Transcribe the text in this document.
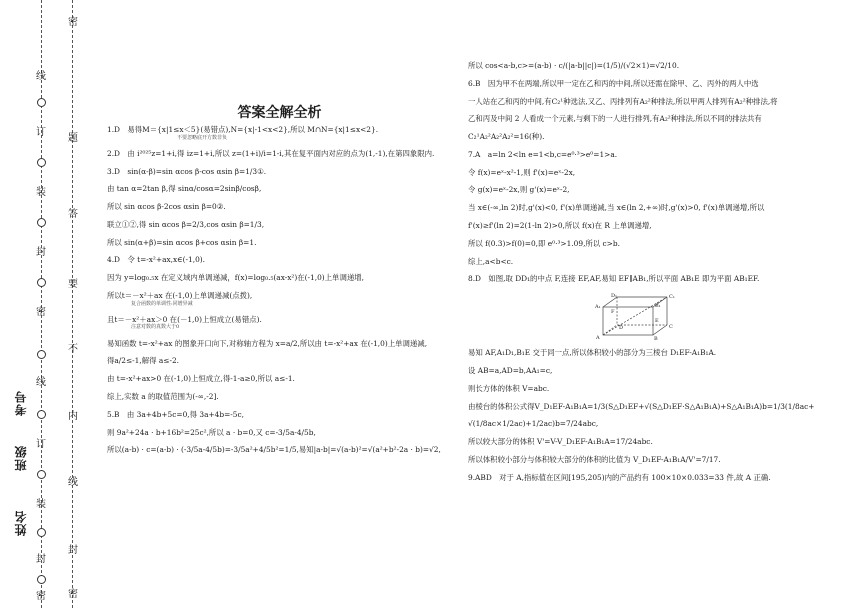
线
订
装
封
密
线
订
装
封
密
密
题
答
要
不
内
线
封
密
考号
班级
姓名
答案全解全析
1.D　易得M＝{x|1≤x＜5}(易错点),N={x|-1<x<2},所以 M∩N={x|1≤x<2}.
不要忽略底开方数非负
2.D　由 i²⁰²⁵z=1+i,得 iz=1+i,所以 z=(1+i)/i=1-i,其在复平面内对应的点为(1,-1),在第四象限内.
3.D　sin(α-β)=sin αcos β-cos αsin β=1/3①.
由 tan α=2tan β,得 sinα/cosα=2sinβ/cosβ,
所以 sin αcos β-2cos αsin β=0②.
联立①②,得 sin αcos β=2/3,cos αsin β=1/3,
所以 sin(α+β)=sin αcos β+cos αsin β=1.
4.D　令 t=-x²+ax,x∈(-1,0).
因为 y=log₀.₅x 在定义域内单调递减，f(x)=log₀.₅(ax-x²)在(-1,0)上单调递增,
所以t＝－x²＋ax 在(-1,0)上单调递减(点拨),
复合函数的单调性:同增异减
且t＝－x²＋ax＞0 在(－1,0)上恒成立(易错点).
注意对数的真数大于0
易知函数 t=-x²+ax 的图象开口向下,对称轴方程为 x=a/2,所以由 t=-x²+ax 在(-1,0)上单调递减,
得a/2≤-1,解得 a≤-2.
由 t=-x²+ax>0 在(-1,0)上恒成立,得-1-a≥0,所以 a≤-1.
综上,实数 a 的取值范围为(-∞,-2].
5.B　由 3a+4b+5c=0,得 3a+4b=-5c,
则 9a²+24a · b+16b²=25c²,所以 a · b=0,又 c=-3/5a-4/5b,
所以(a-b) · c=(a-b) · (-3/5a-4/5b)=-3/5a²+4/5b²=1/5,易知|a-b|=√(a-b)²=√(a²+b²-2a · b)=√2,
所以 cos<a-b,c>=(a-b) · c/(|a-b||c|)=(1/5)/(√2×1)=√2/10.
6.B　因为甲不在两端,所以甲一定在乙和丙的中间,所以还需在除甲、乙、丙外的两人中选
一人站在乙和丙的中间,有C₂¹种选法,又乙、丙排列有A₂²种排法,所以甲两人排列有A₂²种排法,将
乙和丙及中间 2 人看成一个元素,与剩下的一人进行排列,有A₂²种排法,所以不同的排法共有
C₂¹A₂²A₂²A₂²=16(种).
7.A　a=ln 2<ln e=1<b,c=e⁰·³>e⁰=1>a.
令 f(x)=eˣ-x²-1,则 f'(x)=eˣ-2x,
令 g(x)=eˣ-2x,则 g'(x)=eˣ-2,
当 x∈(-∞,ln 2)时,g'(x)<0, f'(x)单调递减,当 x∈(ln 2,+∞)时,g'(x)>0, f'(x)单调递增,所以
f'(x)≥f'(ln 2)=2(1-ln 2)>0,所以 f(x)在 R 上单调递增,
所以 f(0.3)>f(0)=0,即 e⁰·³>1.09,所以 c>b.
综上,a<b<c.
8.D　如图,取 DD₁的中点 F,连接 EF,AF,易知 EF∥AB₁,所以平面 AB₁E 即为平面 AB₁EF.
D₁	C₁
A₁	B₁
F
E
D	C
A	B
易知 AF,A₁D₁,B₁E 交于同一点,所以体积较小的部分为三棱台 D₁EF-A₁B₁A.
设 AB=a,AD=b,AA₁=c,
则长方体的体积 V=abc.
由棱台的体积公式得V_D₁EF-A₁B₁A=1/3(S△D₁EF+√(S△D₁EF·S△A₁B₁A)+S△A₁B₁A)b=1/3(1/8ac+
√(1/8ac×1/2ac)+1/2ac)b=7/24abc,
所以较大部分的体积 V'=V-V_D₁EF-A₁B₁A=17/24abc.
所以体积较小部分与体积较大部分的体积的比值为 V_D₁EF-A₁B₁A/V'=7/17.
9.ABD　对于 A,指标值在区间[195,205)内的产品约有 100×10×0.033=33 件,故 A 正确.
